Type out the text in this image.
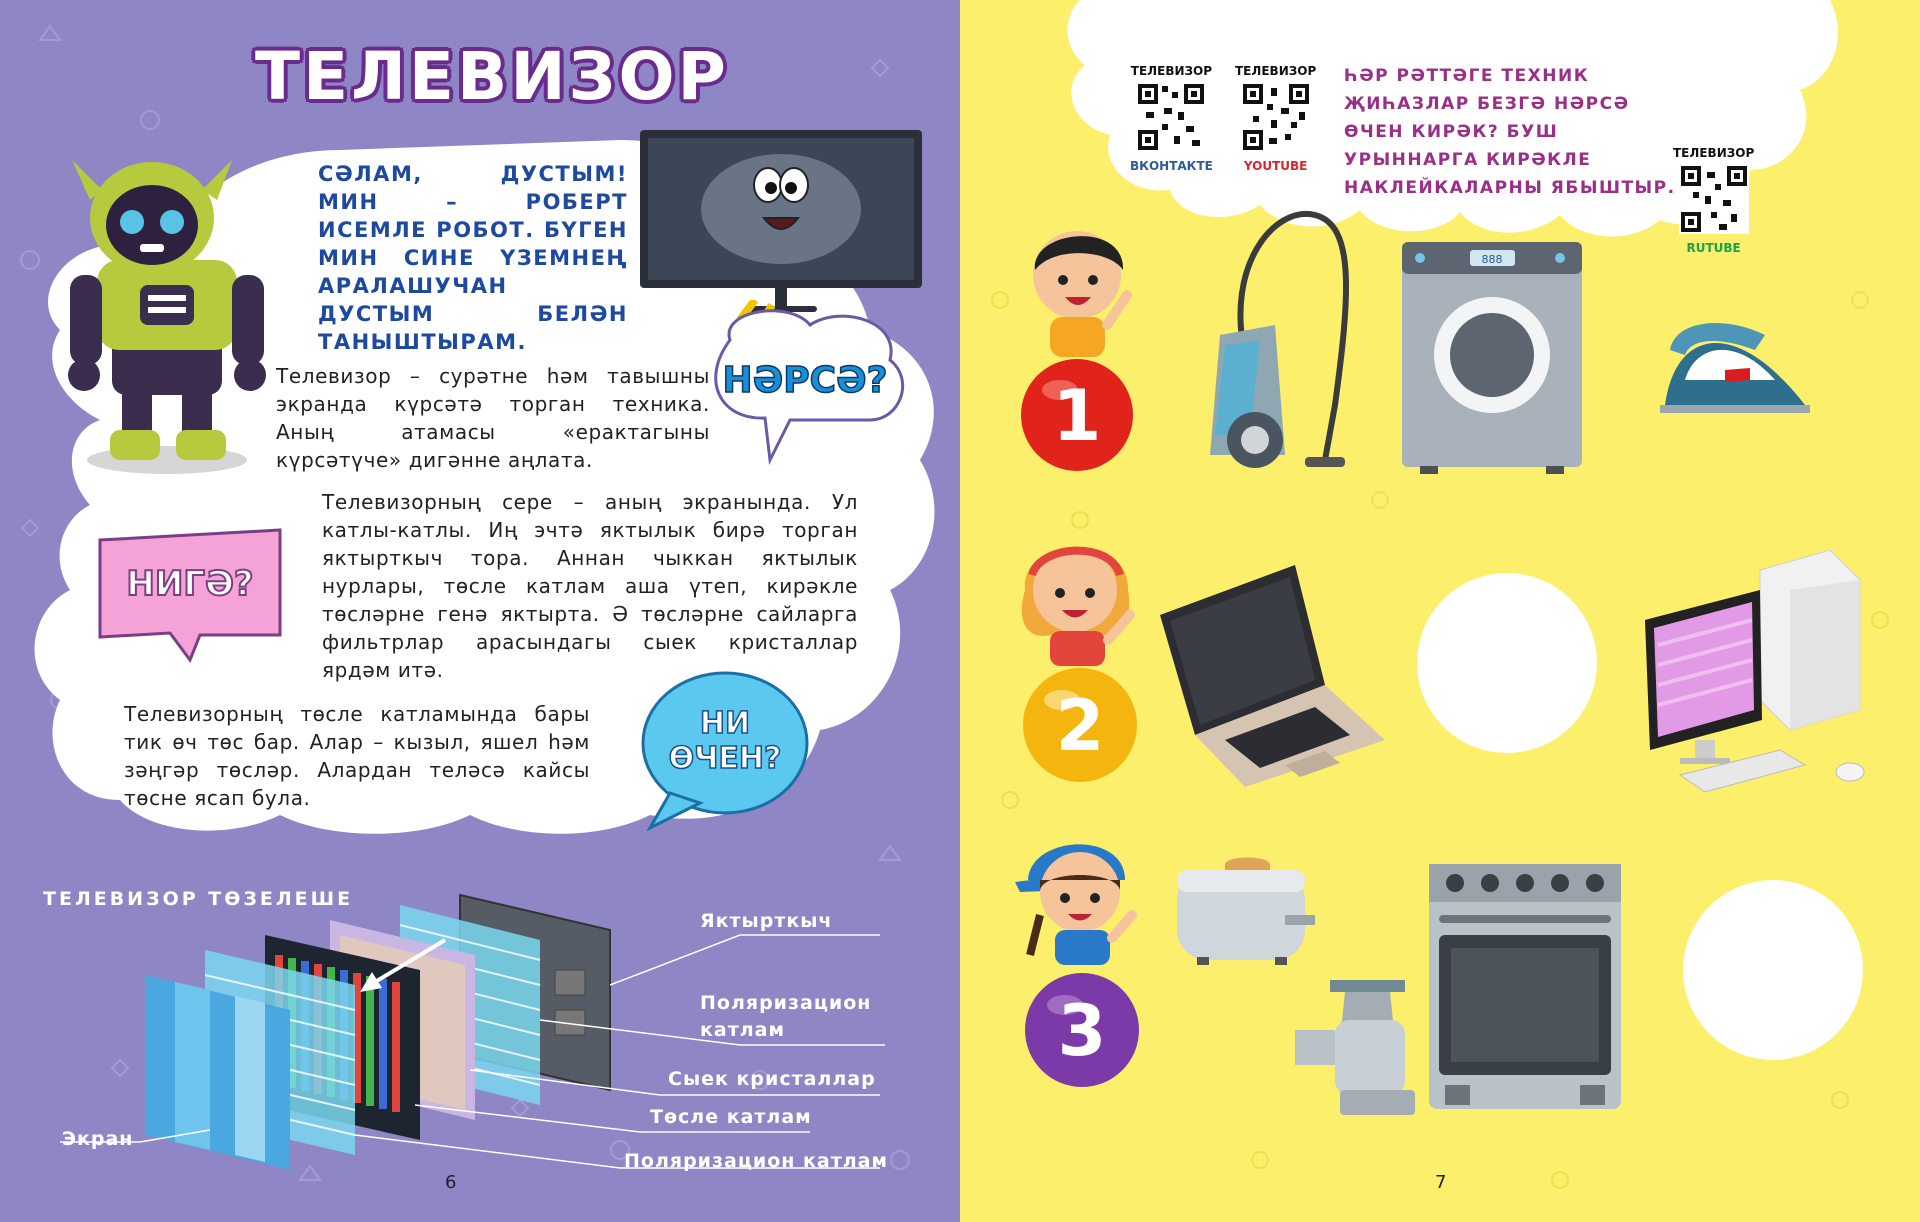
ТЕЛЕВИЗОР
СӘЛАМ, ДУСТЫМ! МИН – РОБЕРТ ИСЕМЛЕ РОБОТ. БҮГЕН МИН СИНЕ ҮЗЕМНЕҢ АРАЛАШУЧАН ДУСТЫМ БЕЛӘН ТАНЫШТЫРАМ.
НӘРСӘ?
НИГӘ?
НИ
ӨЧЕН?
Телевизор – сурәтне һәм тавышны экранда күрсәтә торган техника. Аның атамасы «ерактагыны күрсәтүче» дигәнне аңлата.
Телевизорның сере – аның экранында. Ул катлы-катлы. Иң эчтә яктылык бирә торган яктырткыч тора. Аннан чыккан яктылык нурлары, төсле катлам аша үтеп, кирәкле төсләрне генә яктырта. Ә төсләрне сайларга фильтрлар арасындагы сыек кристаллар ярдәм итә.
Телевизорның төсле катламында бары тик өч төс бар. Алар – кызыл, яшел һәм зәңгәр төсләр. Алардан теләсә кайсы төсне ясап була.
ТЕЛЕВИЗОР ТӨЗЕЛЕШЕ
Яктырткыч
Поляризацион
катлам
Сыек кристаллар
Төсле катлам
Поляризацион катлам
Экран
6
ТЕЛЕВИЗОР
ВКОНТАКТЕ
ТЕЛЕВИЗОР
YOUTUBE
ТЕЛЕВИЗОР
RUTUBE
ҺӘР РӘТТӘГЕ ТЕХНИК ҖИҺАЗЛАР БЕЗГӘ НӘРСӘ ӨЧЕН КИРӘК? БУШ УРЫННАРГА КИРӘКЛЕ НАКЛЕЙКАЛАРНЫ ЯБЫШТЫР.
1
888
2
3
7
